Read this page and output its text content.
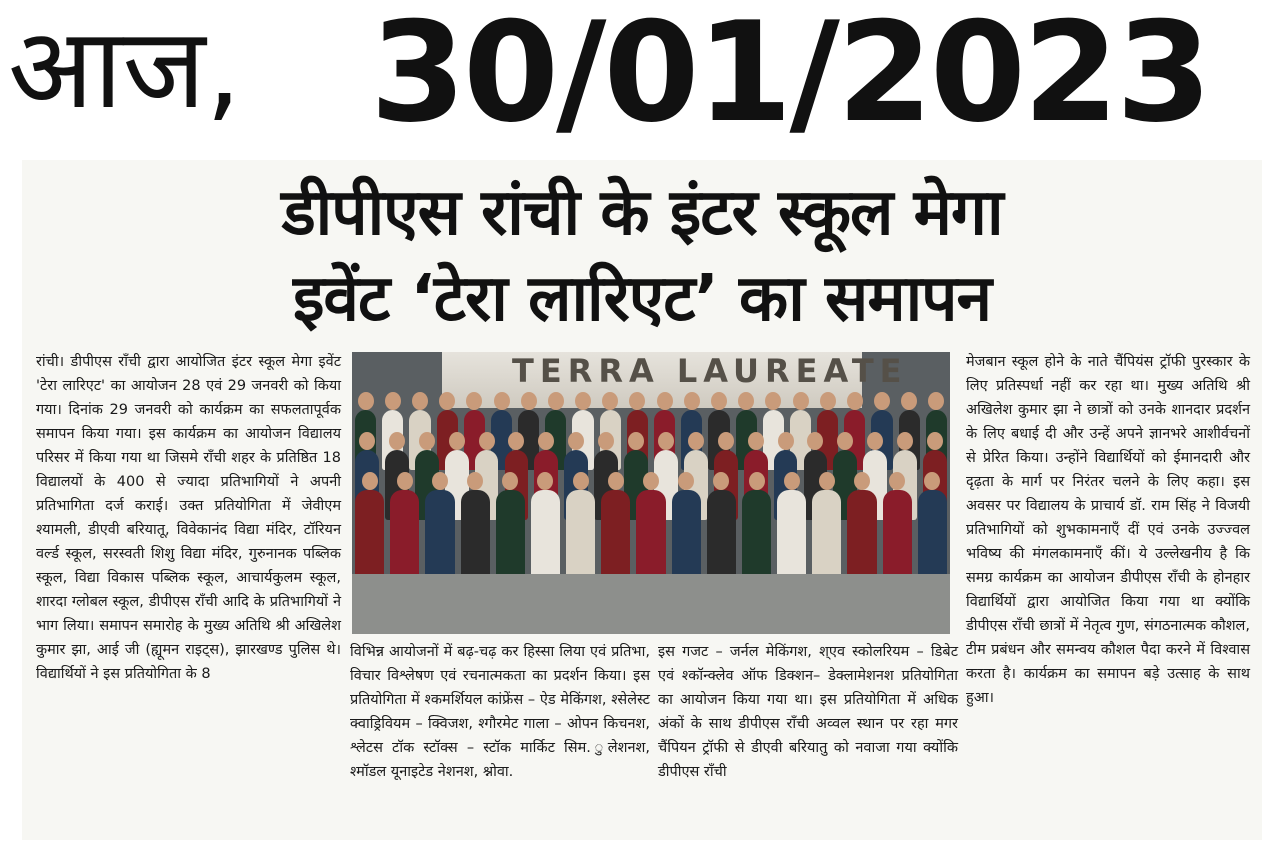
आज, 30/01/2023
डीपीएस रांची के इंटर स्कूल मेगा
इवेंट ‘टेरा लारिएट’ का समापन
रांची। डीपीएस राँची द्वारा आयोजित इंटर स्कूल मेगा इवेंट 'टेरा लारिएट' का आयोजन 28 एवं 29 जनवरी को किया गया। दिनांक 29 जनवरी को कार्यक्रम का सफलतापूर्वक समापन किया गया। इस कार्यक्रम का आयोजन विद्यालय परिसर में किया गया था जिसमे राँची शहर के प्रतिष्ठित 18 विद्यालयों के 400 से ज्यादा प्रतिभागियों ने अपनी प्रतिभागिता दर्ज कराई। उक्त प्रतियोगिता में जेवीएम श्यामली, डीएवी बरियातू, विवेकानंद विद्या मंदिर, टॉरियन वर्ल्ड स्कूल, सरस्वती शिशु विद्या मंदिर, गुरुनानक पब्लिक स्कूल, विद्या विकास पब्लिक स्कूल, आचार्यकुलम स्कूल, शारदा ग्लोबल स्कूल, डीपीएस राँची आदि के प्रतिभागियों ने भाग लिया। समापन समारोह के मुख्य अतिथि श्री अखिलेश कुमार झा, आई जी (ह्यूमन राइट्स), झारखण्ड पुलिस थे। विद्यार्थियों ने इस प्रतियोगिता के 8
TERRA LAUREATE
विभिन्न आयोजनों में बढ़-चढ़ कर हिस्सा लिया एवं प्रतिभा, विचार विश्लेषण एवं रचनात्मकता का प्रदर्शन किया। इस प्रतियोगिता में श्कमर्शियल कांफ्रेंस – ऐड मेकिंगश, श्सेलेस्ट क्वाड्रिवियम – क्विजश, श्गौरमेट गाला – ओपन किचनश, श्लेटस टॉक स्टॉक्स – स्टॉक मार्किट सिम. ुलेशनश, श्मॉडल यूनाइटेड नेशनश, श्नोवा.
इस गजट – जर्नल मेकिंगश, श्एव स्कोलरियम – डिबेट एवं श्कॉन्क्लेव ऑफ डिक्शन– डेक्लामेशनश प्रतियोगिता का आयोजन किया गया था। इस प्रतियोगिता में अधिक अंकों के साथ डीपीएस राँची अव्वल स्थान पर रहा मगर चैंपियन ट्रॉफी से डीएवी बरियातु को नवाजा गया क्योंकि डीपीएस राँची
मेजबान स्कूल होने के नाते चैंपियंस ट्रॉफी पुरस्कार के लिए प्रतिस्पर्धा नहीं कर रहा था। मुख्य अतिथि श्री अखिलेश कुमार झा ने छात्रों को उनके शानदार प्रदर्शन के लिए बधाई दी और उन्हें अपने ज्ञानभरे आशीर्वचनों से प्रेरित किया। उन्होंने विद्यार्थियों को ईमानदारी और दृढ़ता के मार्ग पर निरंतर चलने के लिए कहा। इस अवसर पर विद्यालय के प्राचार्य डॉ. राम सिंह ने विजयी प्रतिभागियों को शुभकामनाएँ दीं एवं उनके उज्ज्वल भविष्य की मंगलकामनाएँ कीं। ये उल्लेखनीय है कि समग्र कार्यक्रम का आयोजन डीपीएस राँची के होनहार विद्यार्थियों द्वारा आयोजित किया गया था क्योंकि डीपीएस राँची छात्रों में नेतृत्व गुण, संगठनात्मक कौशल, टीम प्रबंधन और समन्वय कौशल पैदा करने में विश्वास करता है। कार्यक्रम का समापन बड़े उत्साह के साथ हुआ।
